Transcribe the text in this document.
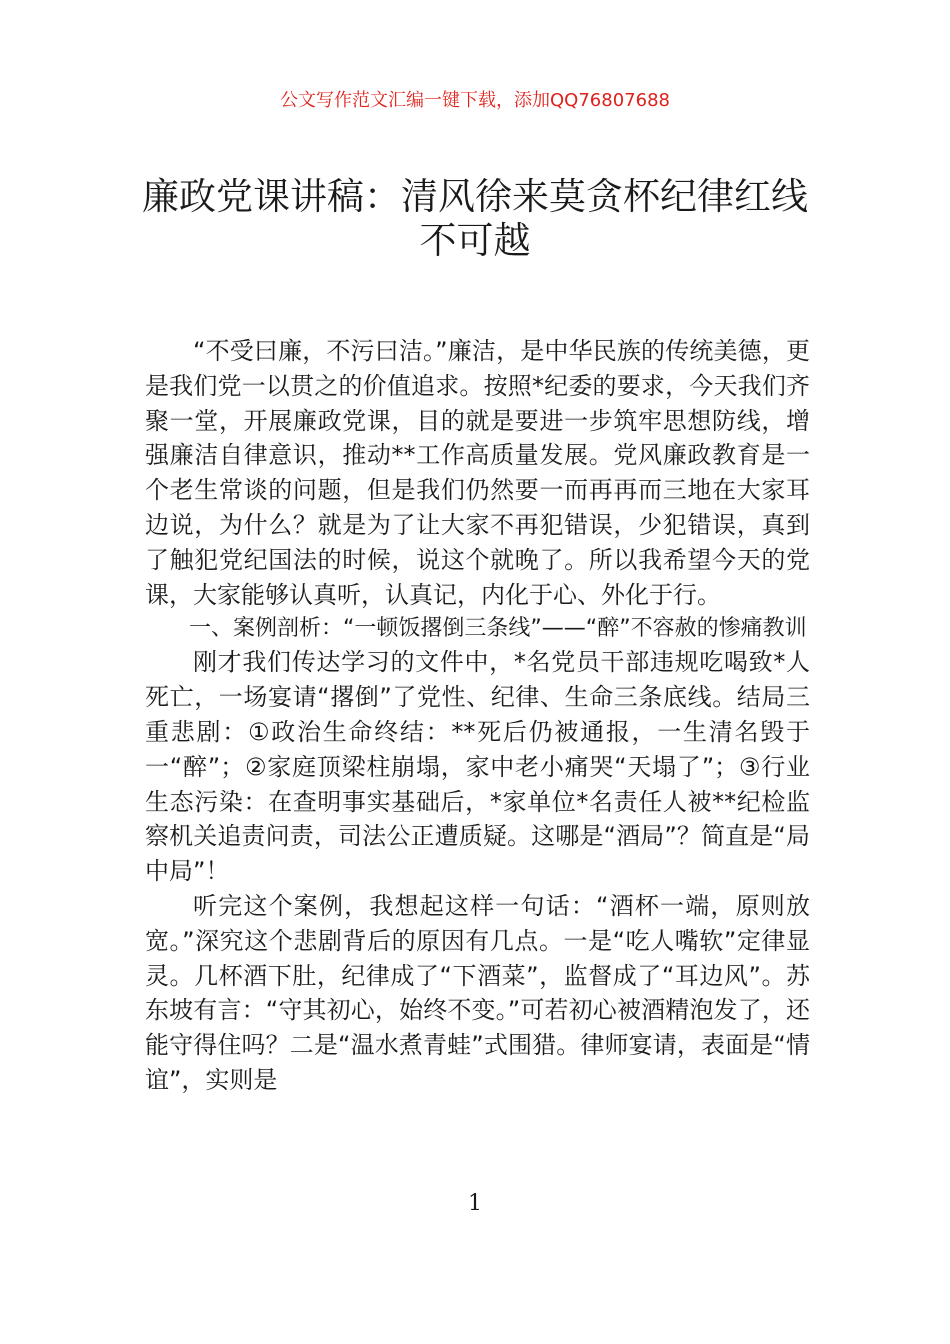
公文写作范文汇编一键下载，添加QQ76807688
廉政党课讲稿：清风徐来莫贪杯纪律红线
不可越

“不受曰廉，不污曰洁。”廉洁，是中华民族的传统美德，更是我们党一以贯之的价值追求。按照*纪委的要求，今天我们齐聚一堂，开展廉政党课，目的就是要进一步筑牢思想防线，增强廉洁自律意识，推动**工作高质量发展。党风廉政教育是一个老生常谈的问题，但是我们仍然要一而再再而三地在大家耳边说，为什么？就是为了让大家不再犯错误，少犯错误，真到了触犯党纪国法的时候，说这个就晚了。所以我希望今天的党课，大家能够认真听，认真记，内化于心、外化于行。

一、案例剖析：“一顿饭撂倒三条线”——“醉”不容赦的惨痛教训

刚才我们传达学习的文件中，*名党员干部违规吃喝致*人死亡，一场宴请“撂倒”了党性、纪律、生命三条底线。结局三重悲剧：①政治生命终结：**死后仍被通报，一生清名毁于一“醉”；②家庭顶梁柱崩塌，家中老小痛哭“天塌了”；③行业生态污染：在查明事实基础后，*家单位*名责任人被**纪检监察机关追责问责，司法公正遭质疑。这哪是“酒局”？简直是“局中局”！

听完这个案例，我想起这样一句话：“酒杯一端，原则放宽。”深究这个悲剧背后的原因有几点。一是“吃人嘴软”定律显灵。几杯酒下肚，纪律成了“下酒菜”，监督成了“耳边风”。苏东坡有言：“守其初心，始终不变。”可若初心被酒精泡发了，还能守得住吗？二是“温水煮青蛙”式围猎。律师宴请，表面是“情谊”，实则是

1
